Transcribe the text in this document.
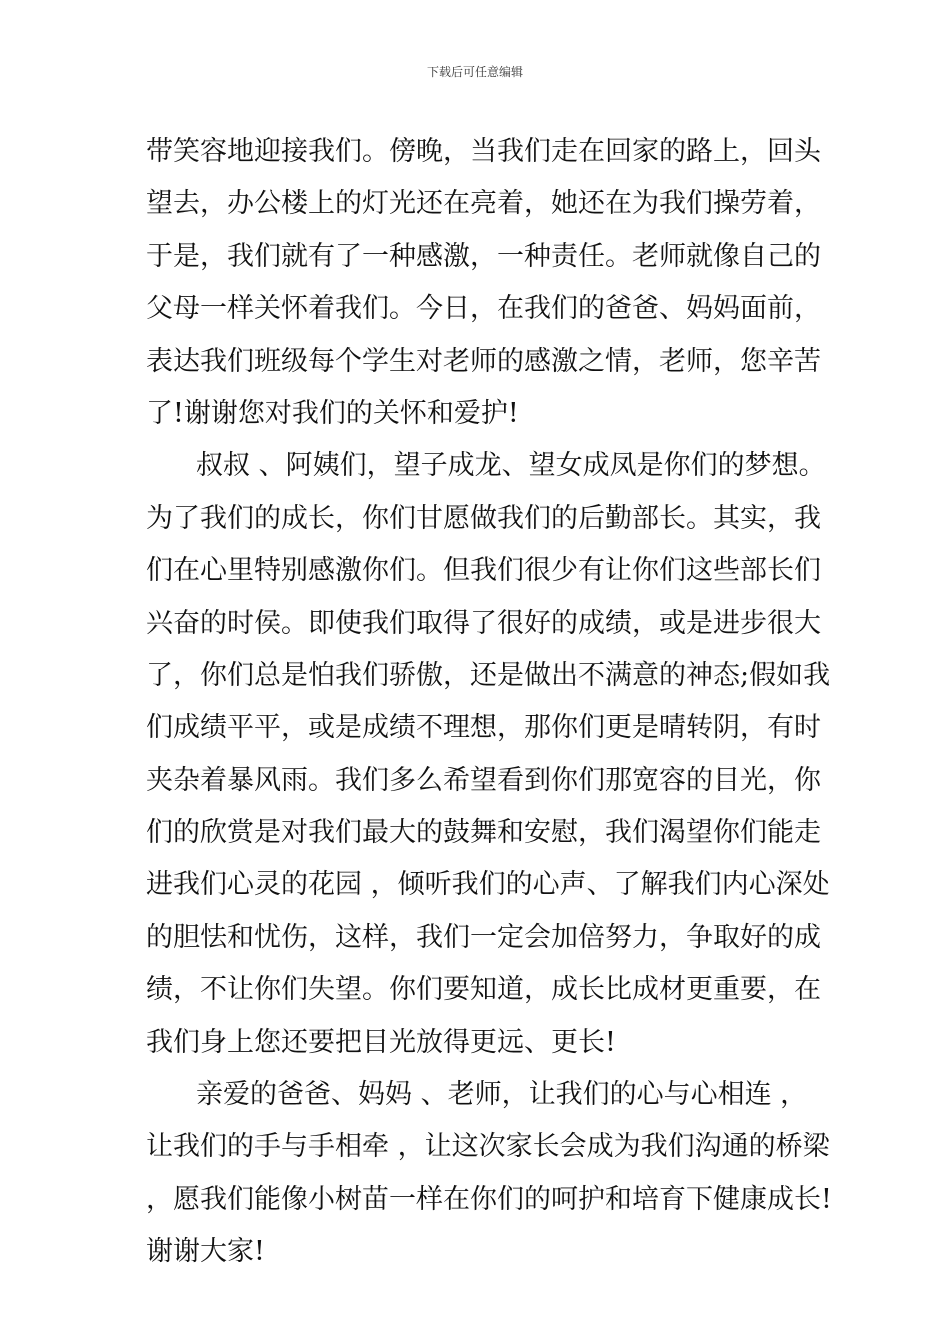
下载后可任意编辑
带笑容地迎接我们。傍晚，当我们走在回家的路上，回头
望去，办公楼上的灯光还在亮着，她还在为我们操劳着，
于是，我们就有了一种感激，一种责任。老师就像自己的
父母一样关怀着我们。今日，在我们的爸爸、妈妈面前，
表达我们班级每个学生对老师的感激之情，老师，您辛苦
了!谢谢您对我们的关怀和爱护!
叔叔 、阿姨们，望子成龙、望女成凤是你们的梦想。
为了我们的成长，你们甘愿做我们的后勤部长。其实，我
们在心里特别感激你们。但我们很少有让你们这些部长们
兴奋的时侯。即使我们取得了很好的成绩，或是进步很大
了，你们总是怕我们骄傲，还是做出不满意的神态;假如我
们成绩平平，或是成绩不理想，那你们更是晴转阴，有时
夹杂着暴风雨。我们多么希望看到你们那宽容的目光，你
们的欣赏是对我们最大的鼓舞和安慰，我们渴望你们能走
进我们心灵的花园 ，倾听我们的心声、了解我们内心深处
的胆怯和忧伤，这样，我们一定会加倍努力，争取好的成
绩，不让你们失望。你们要知道，成长比成材更重要，在
我们身上您还要把目光放得更远、更长!
亲爱的爸爸、妈妈 、老师，让我们的心与心相连 ，
让我们的手与手相牵 ，让这次家长会成为我们沟通的桥梁
，愿我们能像小树苗一样在你们的呵护和培育下健康成长!
谢谢大家!
